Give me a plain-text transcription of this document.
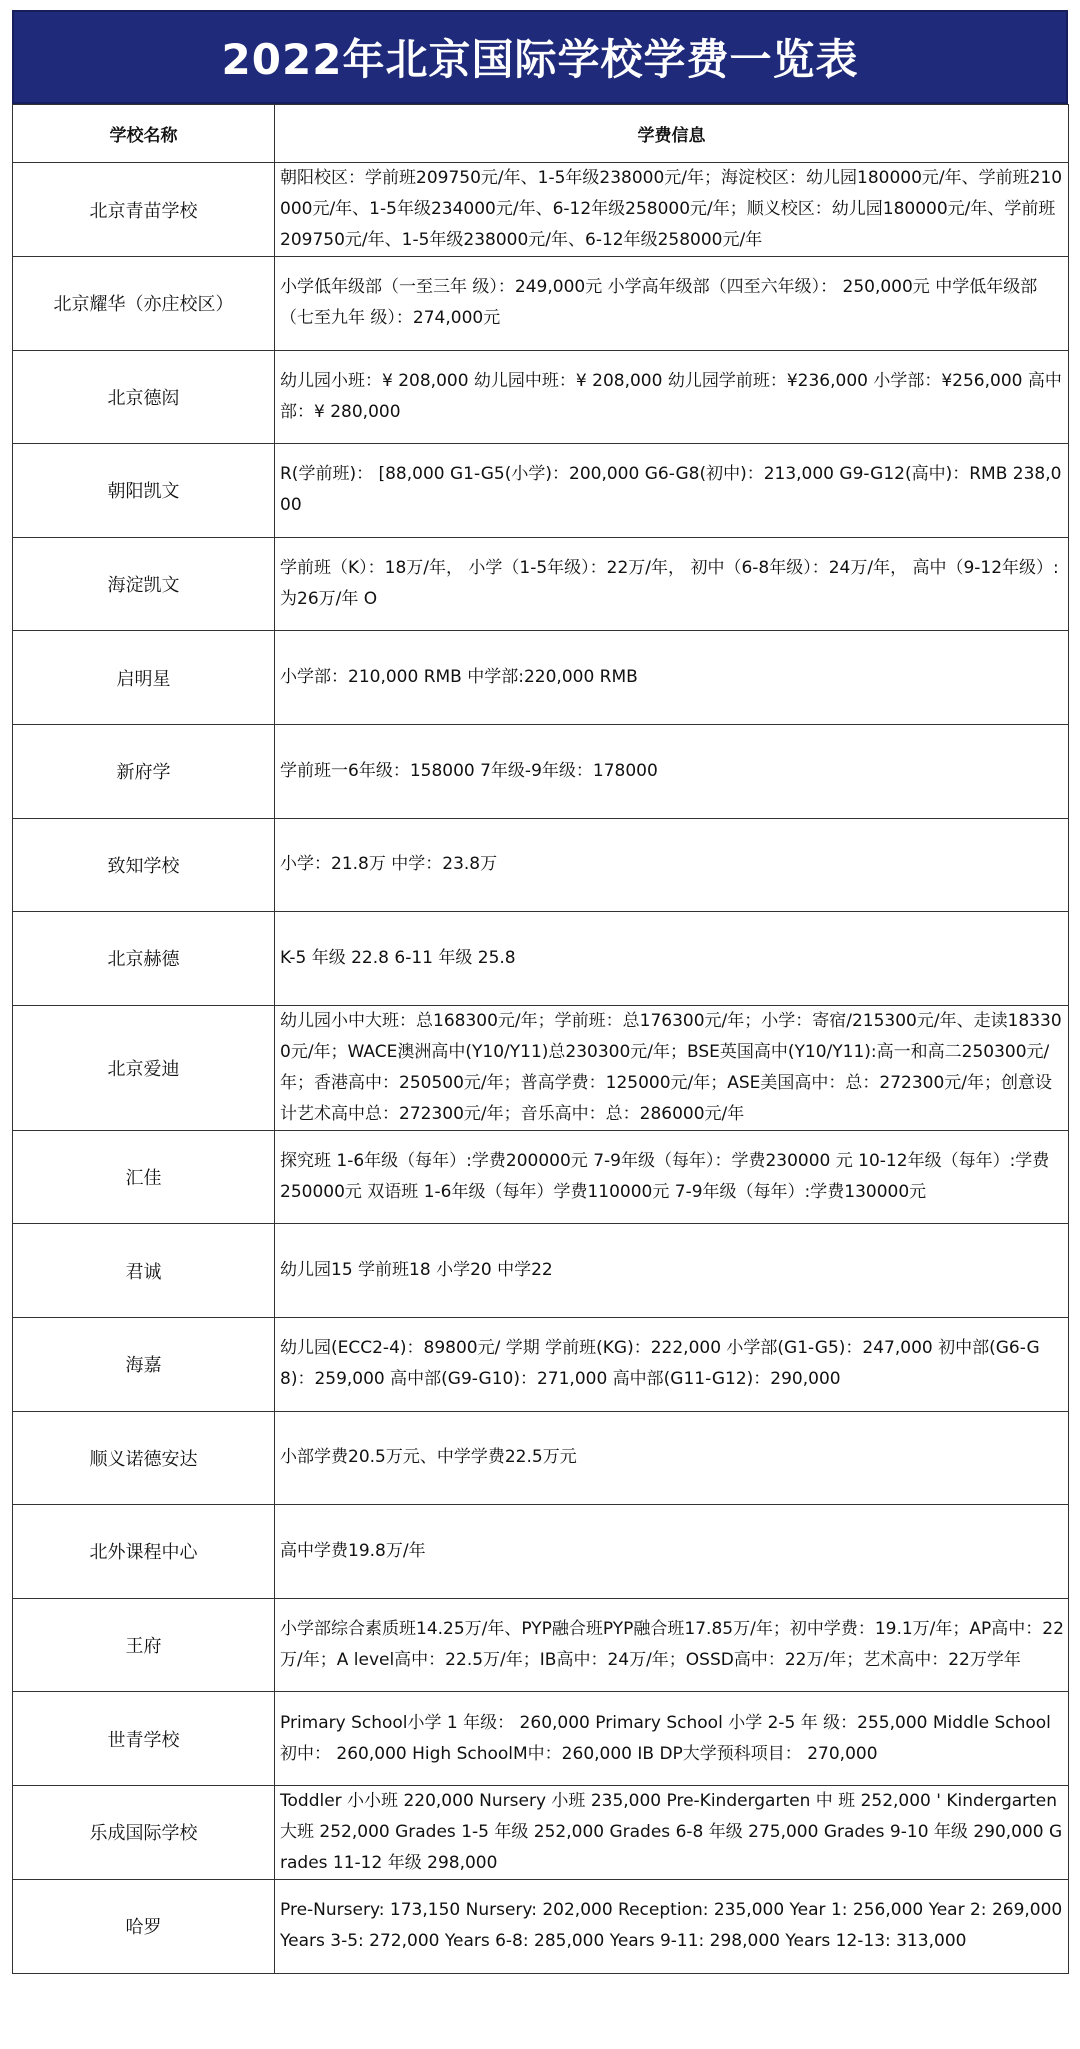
2022年北京国际学校学费一览表
学校名称	学费信息
北京青苗学校	朝阳校区：学前班209750元/年、1-5年级238000元/年；海淀校区：幼儿园180000元/年、学前班210000元/年、1-5年级234000元/年、6-12年级258000元/年；顺义校区：幼儿园180000元/年、学前班209750元/年、1-5年级238000元/年、6-12年级258000元/年
北京耀华（亦庄校区）	小学低年级部（一至三年 级）：249,000元 小学高年级部（四至六年级）： 250,000元 中学低年级部（七至九年 级）：274,000元
北京德闳	幼儿园小班：¥ 208,000 幼儿园中班：¥ 208,000 幼儿园学前班：¥236,000 小学部：¥256,000 高中部：¥ 280,000
朝阳凯文	R(学前班)： [88,000 G1-G5(小学)：200,000 G6-G8(初中)：213,000 G9-G12(高中)：RMB 238,000
海淀凯文	学前班（K）：18万/年， 小学（1-5年级）：22万/年， 初中（6-8年级）：24万/年， 高中（9-12年级）:为26万/年 O
启明星	小学部：210,000 RMB 中学部:220,000 RMB
新府学	学前班一6年级：158000 7年级-9年级：178000
致知学校	小学：21.8万 中学：23.8万
北京赫德	K-5 年级 22.8 6-11 年级 25.8
北京爱迪	幼儿园小中大班：总168300元/年；学前班：总176300元/年；小学：寄宿/215300元/年、走读183300元/年；WACE澳洲高中(Y10/Y11)总230300元/年；BSE英国高中(Y10/Y11):高一和高二250300元/年；香港高中：250500元/年；普高学费：125000元/年；ASE美国高中：总：272300元/年；创意设计艺术高中总：272300元/年；音乐高中：总：286000元/年
汇佳	探究班 1-6年级（每年）:学费200000元 7-9年级（每年）：学费230000 元 10-12年级（每年）:学费 250000元 双语班 1-6年级（每年）学费110000元 7-9年级（每年）:学费130000元
君诚	幼儿园15 学前班18 小学20 中学22
海嘉	幼儿园(ECC2-4)：89800元/ 学期 学前班(KG)：222,000 小学部(G1-G5)：247,000 初中部(G6-G8)：259,000 高中部(G9-G10)：271,000 高中部(G11-G12)：290,000
顺义诺德安达	小部学费20.5万元、中学学费22.5万元
北外课程中心	高中学费19.8万/年
王府	小学部综合素质班14.25万/年、PYP融合班PYP融合班17.85万/年；初中学费：19.1万/年；AP高中：22万/年；A level高中：22.5万/年；IB高中：24万/年；OSSD高中：22万/年；艺术高中：22万学年
世青学校	Primary School小学 1 年级： 260,000 Primary School 小学 2-5 年 级：255,000 Middle School 初中： 260,000 High SchoolM中：260,000 IB DP大学预科项目： 270,000
乐成国际学校	Toddler 小小班 220,000 Nursery 小班 235,000 Pre-Kindergarten 中 班 252,000 ' Kindergarten 大班 252,000 Grades 1-5 年级 252,000 Grades 6-8 年级 275,000 Grades 9-10 年级 290,000 Grades 11-12 年级 298,000
哈罗	Pre-Nursery: 173,150 Nursery: 202,000 Reception: 235,000 Year 1: 256,000 Year 2: 269,000 Years 3-5: 272,000 Years 6-8: 285,000 Years 9-11: 298,000 Years 12-13: 313,000
